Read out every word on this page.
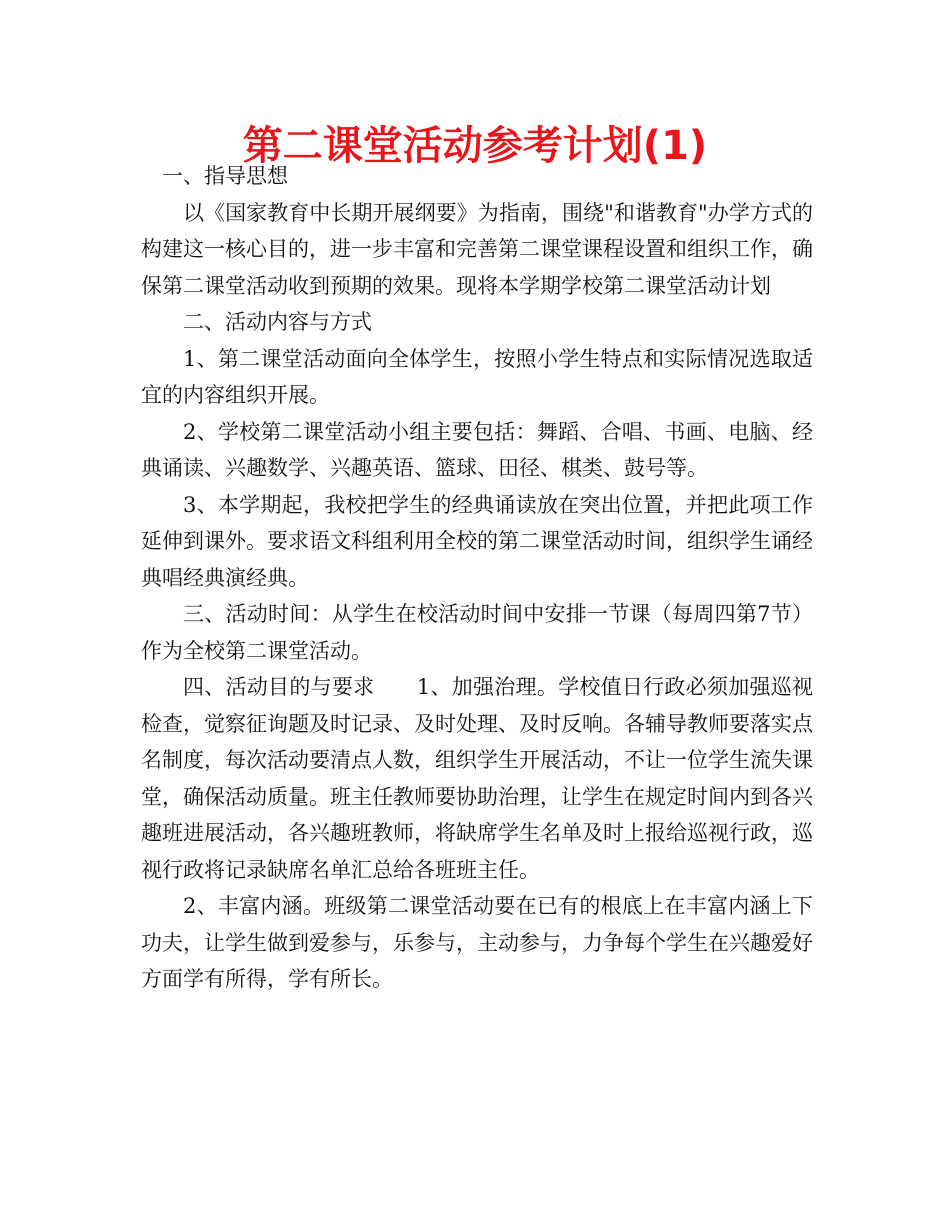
第二课堂活动参考计划(1)

一、指导思想

以《国家教育中长期开展纲要》为指南，围绕"和谐教育"办学方式的构建这一核心目的，进一步丰富和完善第二课堂课程设置和组织工作，确保第二课堂活动收到预期的效果。现将本学期学校第二课堂活动计划

二、活动内容与方式

1、第二课堂活动面向全体学生，按照小学生特点和实际情况选取适宜的内容组织开展。

2、学校第二课堂活动小组主要包括：舞蹈、合唱、书画、电脑、经典诵读、兴趣数学、兴趣英语、篮球、田径、棋类、鼓号等。

3、本学期起，我校把学生的经典诵读放在突出位置，并把此项工作延伸到课外。要求语文科组利用全校的第二课堂活动时间，组织学生诵经典唱经典演经典。

三、活动时间：从学生在校活动时间中安排一节课（每周四第7节）作为全校第二课堂活动。

四、活动目的与要求　　1、加强治理。学校值日行政必须加强巡视检查，觉察征询题及时记录、及时处理、及时反响。各辅导教师要落实点名制度，每次活动要清点人数，组织学生开展活动，不让一位学生流失课堂，确保活动质量。班主任教师要协助治理，让学生在规定时间内到各兴趣班进展活动，各兴趣班教师，将缺席学生名单及时上报给巡视行政，巡视行政将记录缺席名单汇总给各班班主任。

2、丰富内涵。班级第二课堂活动要在已有的根底上在丰富内涵上下功夫，让学生做到爱参与，乐参与，主动参与，力争每个学生在兴趣爱好方面学有所得，学有所长。
